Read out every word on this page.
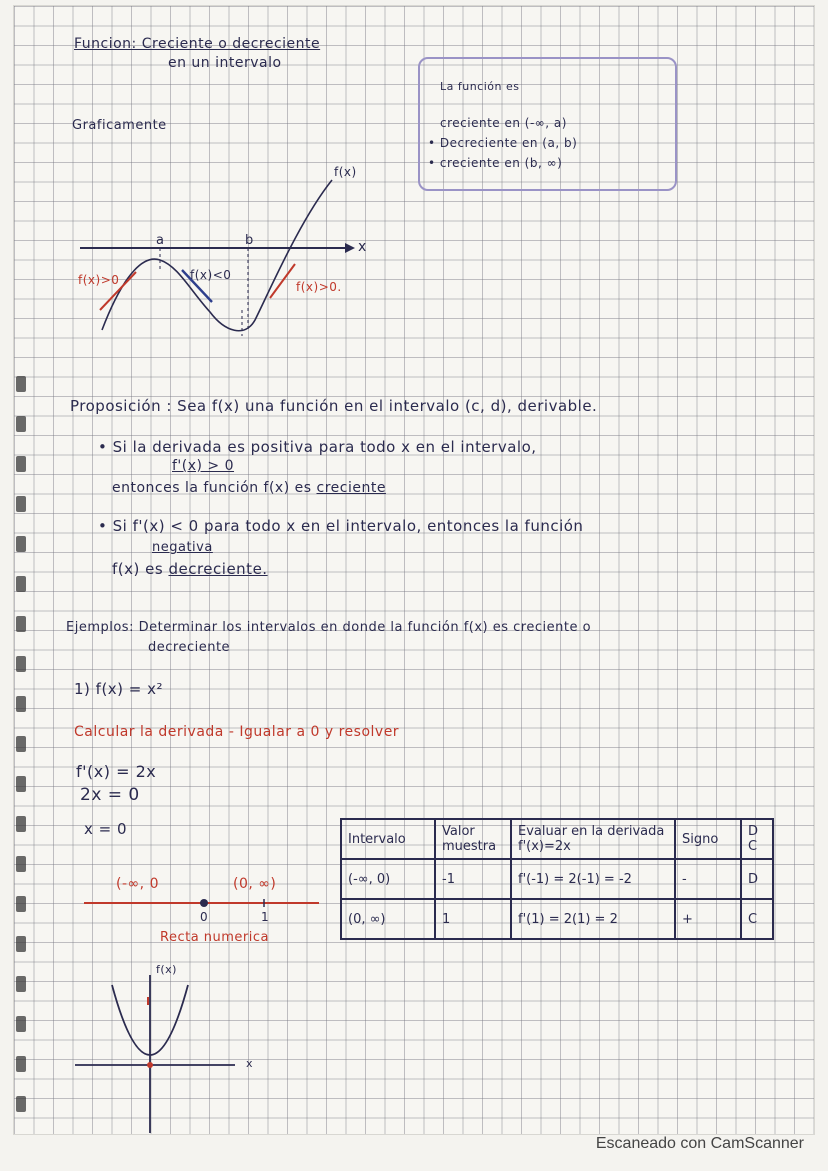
Funcion: Creciente o decreciente
en un intervalo
Graficamente
f(x)
x
a	b
f(x)>0	f(x)<0
f(x)>0.
La función es
creciente en (-∞, a)
• Decreciente en (a, b)
• creciente en (b, ∞)
Proposición : Sea f(x) una función en el intervalo (c, d), derivable.
• Si la derivada es positiva para todo x en el intervalo,
f'(x) > 0
entonces la función f(x) es creciente
• Si f'(x) < 0 para todo x en el intervalo, entonces la función
negativa
f(x) es decreciente.
Ejemplos: Determinar los intervalos en donde la función f(x) es creciente o
decreciente
1) f(x) = x²
Calcular la derivada - Igualar a 0 y resolver
f'(x) = 2x
2x = 0
x = 0
(-∞, 0	(0, ∞)
0	1
Recta numerica
Intervalo	Valor muestra	Evaluar en la derivada f'(x)=2x	Signo	D C
(-∞, 0)	-1	f'(-1) = 2(-1) = -2	-	D
(0, ∞)	1	f'(1) = 2(1) = 2	+	C
f(x)
x
Escaneado con CamScanner
